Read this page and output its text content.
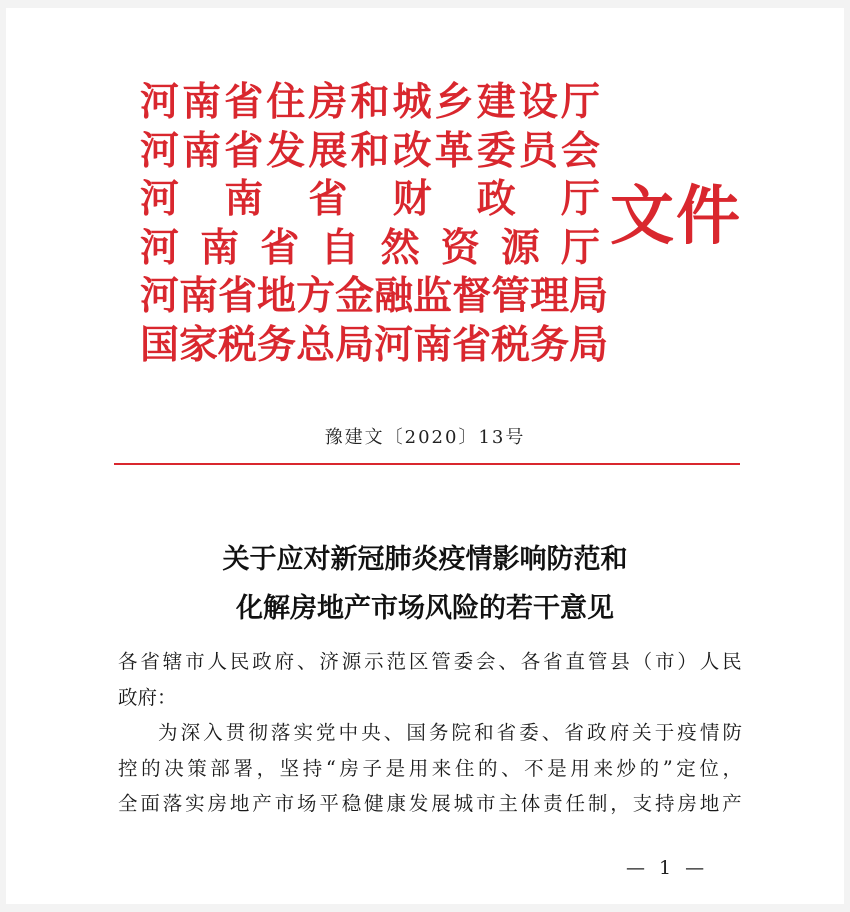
河 南 省 住 房 和 城 乡 建 设 厅
河 南 省 发 展 和 改 革 委 员 会
河 南 省 财 政 厅
河 南 省 自 然 资 源 厅
河 南 省 地 方 金 融 监 督 管 理 局
国 家 税 务 总 局 河 南 省 税 务 局
文件
豫建文〔2020〕13号
关于应对新冠肺炎疫情影响防范和
化解房地产市场风险的若干意见
各 省 辖 市 人 民 政 府 、 济 源 示 范 区 管 委 会 、 各 省 直 管 县 （ 市 ） 人 民
政府：
为 深 入 贯 彻 落 实 党 中 央 、 国 务 院 和 省 委 、 省 政 府 关 于 疫 情 防
控 的 决 策 部 署 ， 坚 持 “ 房 子 是 用 来 住 的 、 不 是 用 来 炒 的 ” 定 位 ，
全 面 落 实 房 地 产 市 场 平 稳 健 康 发 展 城 市 主 体 责 任 制 ， 支 持 房 地 产
— 1 —
